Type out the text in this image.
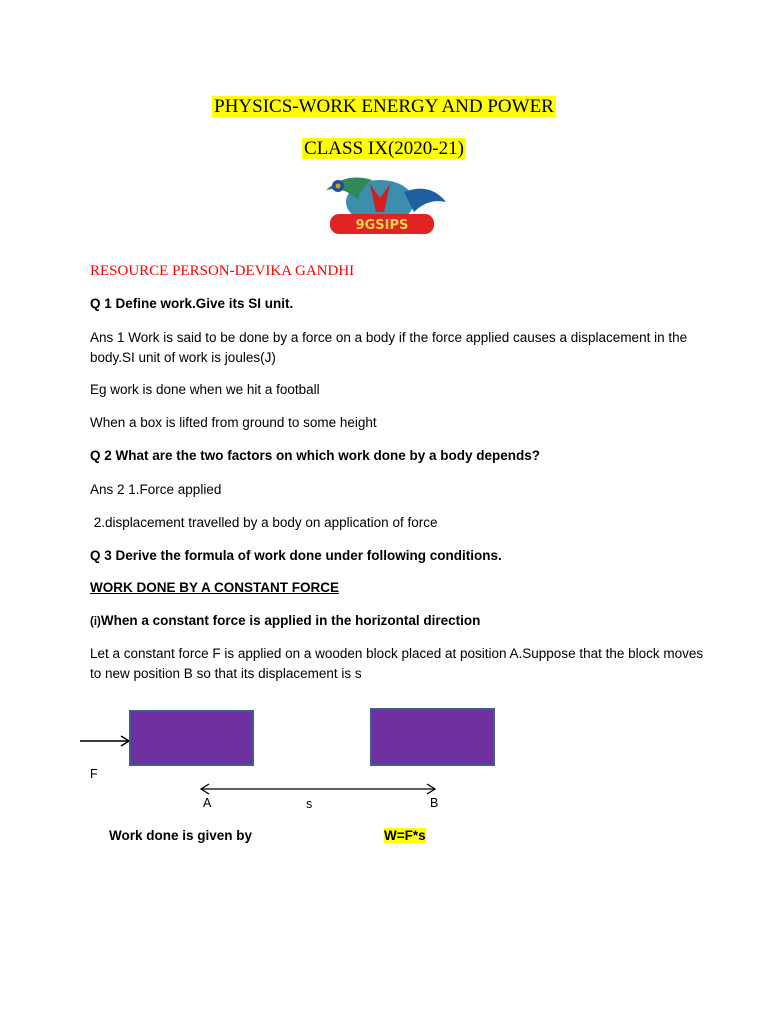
PHYSICS-WORK ENERGY AND POWER
CLASS IX(2020-21)
9GSIPS
RESOURCE PERSON-DEVIKA GANDHI
Q 1 Define work.Give its SI unit.
Ans 1 Work is said to be done by a force on a body if the force applied causes a displacement in the
body.SI unit of work is joules(J)
Eg work is done when we hit a football
When a box is lifted from ground to some height
Q 2 What are the two factors on which work done by a body depends?
Ans 2 1.Force applied
2.displacement travelled by a body on application of force
Q 3 Derive the formula of work done under following conditions.
WORK DONE BY A CONSTANT FORCE
(i)When a constant force is applied in the horizontal direction
Let a constant force F is applied on a wooden block placed at position A.Suppose that the block moves
to new position B so that its displacement is s
F
A	s	B
Work done is given by	W=F*s
